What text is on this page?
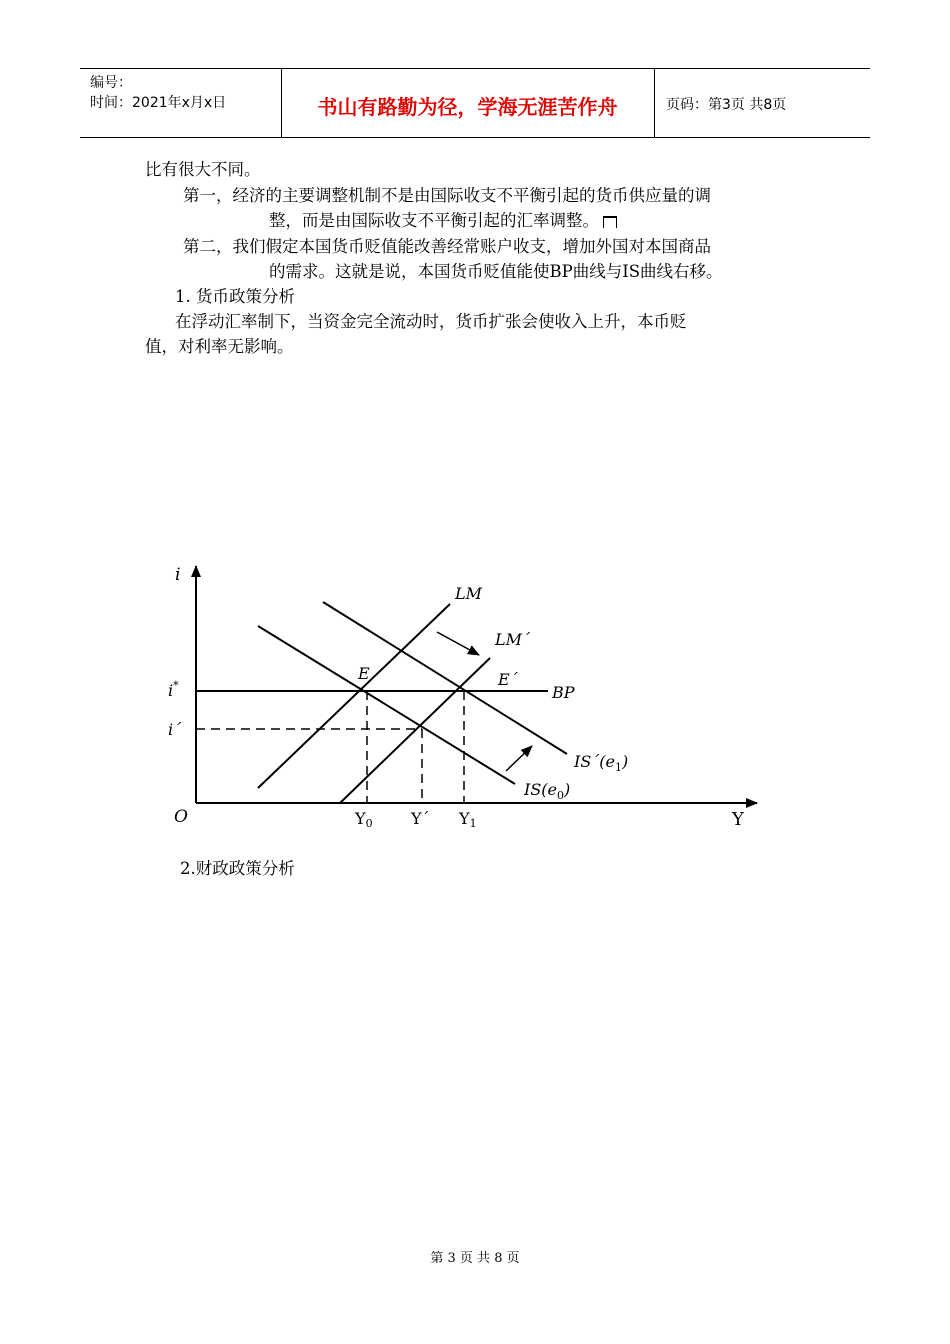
编号：
时间：2021年x月x日	书山有路勤为径，学海无涯苦作舟	页码：第3页 共8页
比有很大不同。
第一，经济的主要调整机制不是由国际收支不平衡引起的货币供应量的调
整，而是由国际收支不平衡引起的汇率调整。
第二，我们假定本国货币贬值能改善经常账户收支，增加外国对本国商品
的需求。这就是说，本国货币贬值能使BP曲线与IS曲线右移。
1. 货币政策分析
在浮动汇率制下，当资金完全流动时，货币扩张会使收入上升，本币贬
值，对利率无影响。
i
O	Y
i*
i´
LM
LM´
E	E´
BP
$IS´(e_1)$
$IS(e_0)$
Y0 Y´ Y1
2.财政政策分析
第 3 页 共 8 页
